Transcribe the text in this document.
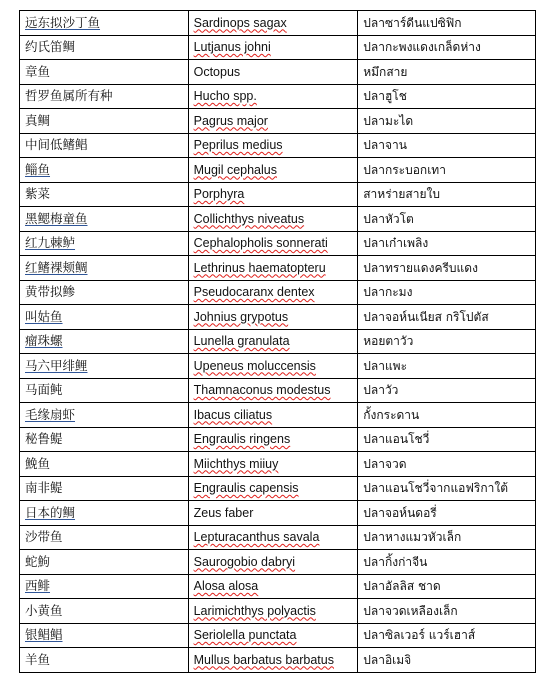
远东拟沙丁鱼	Sardinops sagax	ปลาซาร์ดีนแปซิฟิก
约氏笛鲷	Lutjanus johni	ปลากะพงแดงเกล็ดห่าง
章鱼	Octopus	หมึกสาย
哲罗鱼属所有种	Hucho spp.	ปลาฮูโช
真鲷	Pagrus major	ปลามะได
中间低鳍鲳	Peprilus medius	ปลาจาน
鲻鱼	Mugil cephalus	ปลากระบอกเทา
紫菜	Porphyra	สาหร่ายสายใบ
黑鳃梅童鱼	Collichthys niveatus	ปลาหัวโต
红九棘鲈	Cephalopholis sonnerati	ปลาเก๋าเพลิง
红鳍裸颊鲷	Lethrinus haematopteru	ปลาทรายแดงครีบแดง
黄带拟鲹	Pseudocaranx dentex	ปลากะมง
叫姑鱼	Johnius grypotus	ปลาจอห์นเนียส กริโปตัส
瘤珠螺	Lunella granulata	หอยตาวัว
马六甲绯鲤	Upeneus moluccensis	ปลาแพะ
马面鲀	Thamnaconus modestus	ปลาวัว
毛缘扇虾	Ibacus ciliatus	กั้งกระดาน
秘鲁鳀	Engraulis ringens	ปลาแอนโชวี่
鮸鱼	Miichthys miiuy	ปลาจวด
南非鳀	Engraulis capensis	ปลาแอนโชวี่จากแอฟริกาใต้
日本的鲷	Zeus faber	ปลาจอห์นดอรี่
沙带鱼	Lepturacanthus savala	ปลาหางแมวหัวเล็ก
蛇鮈	Saurogobio dabryi	ปลากิ้งก่าจีน
西鲱	Alosa alosa	ปลาอัลลิส ชาด
小黄鱼	Larimichthys polyactis	ปลาจวดเหลืองเล็ก
银鲳鲳	Seriolella punctata	ปลาซิลเวอร์ แวร์เฮาส์
羊鱼	Mullus barbatus barbatus	ปลาอิเมจิ
